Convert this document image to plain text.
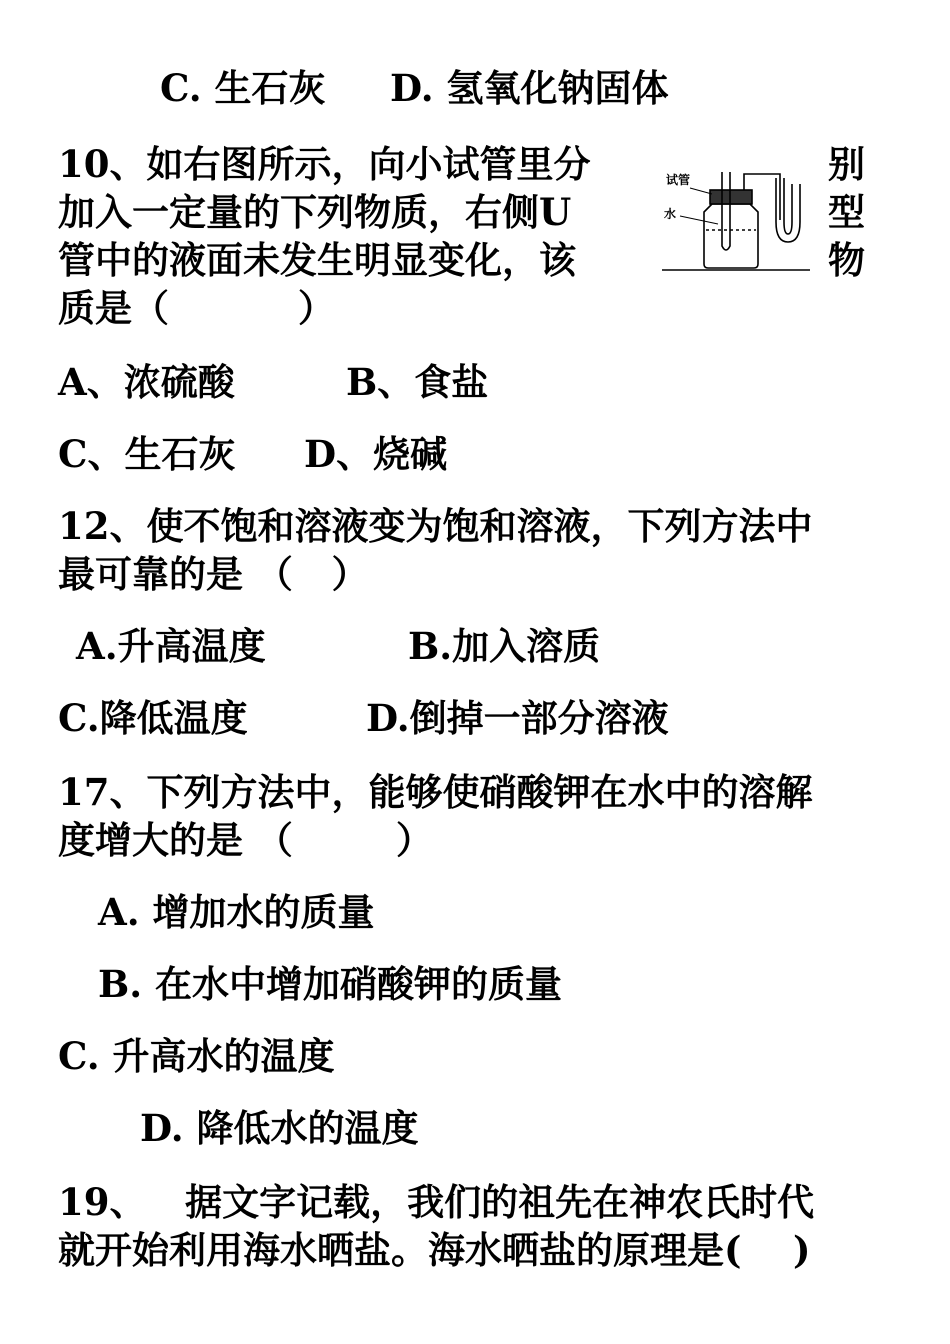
C. 生石灰 D. 氢氧化钠固体
10、如右图所示，向小试管里分
加入一定量的下列物质，右侧U
管中的液面未发生明显变化，该
质是（          ）
别
型
物
试管
水
A、浓硫酸	B、食盐
C、生石灰 D、烧碱
12、使不饱和溶液变为饱和溶液，下列方法中
最可靠的是 （   ）
A.升高温度	B.加入溶质
C.降低温度	D.倒掉一部分溶液
17、下列方法中，能够使硝酸钾在水中的溶解
度增大的是 （        ）
A. 增加水的质量
B. 在水中增加硝酸钾的质量
C. 升高水的温度
D. 降低水的温度
19、   据文字记载，我们的祖先在神农氏时代
就开始利用海水晒盐。海水晒盐的原理是(    )
